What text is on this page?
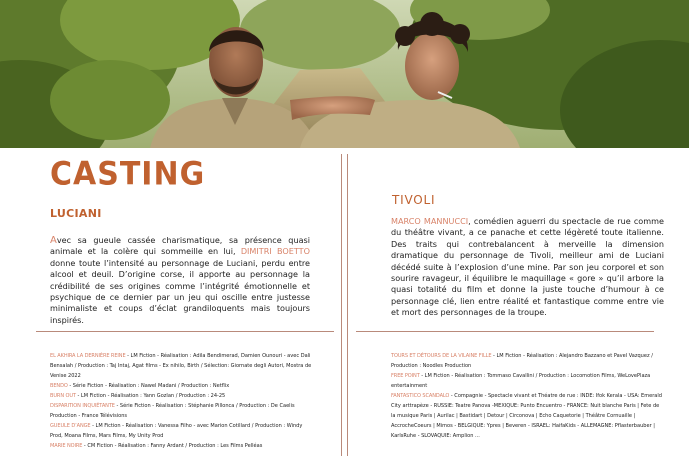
CASTING
LUCIANI
Avec sa gueule cassée charismatique, sa présence quasi animale et la colère qui sommeille en lui, DIMITRI BOETTO donne toute l’intensité au personnage de Luciani, perdu entre alcool et deuil. D’origine corse, il apporte au personnage la crédibilité de ses origines comme l’intégrité émotionnelle et psychique de ce dernier par un jeu qui oscille entre justesse minimaliste et coups d’éclat grandiloquents mais toujours inspirés.
EL AKHIRA LA DERNIÈRE REINE - LM Fiction - Réalisation : Adila Bendimerad, Damien Ounouri - avec Dali Bensalah / Production : Taj Intaj, Agat films - Ex nihilo, Birth / Sélection: Giornate degli Autori, Mostra de Venise 2022
BENDO - Série Fiction - Réalisation : Nawel Madani / Production : Netflix
BURN OUT - LM Fiction - Réalisation : Yann Gozlan / Production : 24-25
DISPARITION INQUIÉTANTE - Série Fiction - Réalisation : Stéphanie Pillonca / Production : De Caelis Production - France Télévisions
GUEULE D’ANGE - LM Fiction - Réalisation : Vanessa Filho - avec Marion Cotillard / Production : Windy Prod, Moana Films, Mars Films, My Unity Prod
MARIE NOIRE - CM Fiction - Réalisation : Fanny Ardant / Production : Les Films Pelléas
TIVOLI
MARCO MANNUCCI, comédien aguerri du spectacle de rue comme du théâtre vivant, a ce panache et cette légèreté toute italienne. Des traits qui contrebalancent à merveille la dimension dramatique du personnage de Tivoli, meilleur ami de Luciani décédé suite à l’explosion d’une mine. Par son jeu corporel et son sourire ravageur, il équilibre le maquillage « gore » qu’il arbore la quasi totalité du film et donne la juste touche d’humour à ce personnage clé, lien entre réalité et fantastique comme entre vie et mort des personnages de la troupe.
TOURS ET DÉTOURS DE LA VILAINE FILLE - LM Fiction - Réalisation : Alejandro Bazzano et Pavel Vazquez / Production : Noodles Production
FREE POINT - LM Fiction - Réalisation : Tommaso Cavallini / Production : Locomotion Films, WeLovePlaza entertainment
FANTASTICO SCANDALO - Compagnie - Spectacle vivant et Théatre de rue : INDE: Ifok Kerala - USA: Emerald City arttrapèze - RUSSIE: Teatre Panova -MEXIQUE: Punto Encuentro - FRANCE: Nuit blanche Paris | Fete de la musique Paris | Aurilac | Bastidart | Detour | Circonova | Echo Caquetorie | Théâtre Cornuaille | AccrocheCoeurs | Mimos - BELGIQUE: Ypres | Beveren - ISRAEL: HaifaKids - ALLEMAGNE: Pflasterbauber | KarlsRuhe - SLOVAQUIE: Amplion ...
